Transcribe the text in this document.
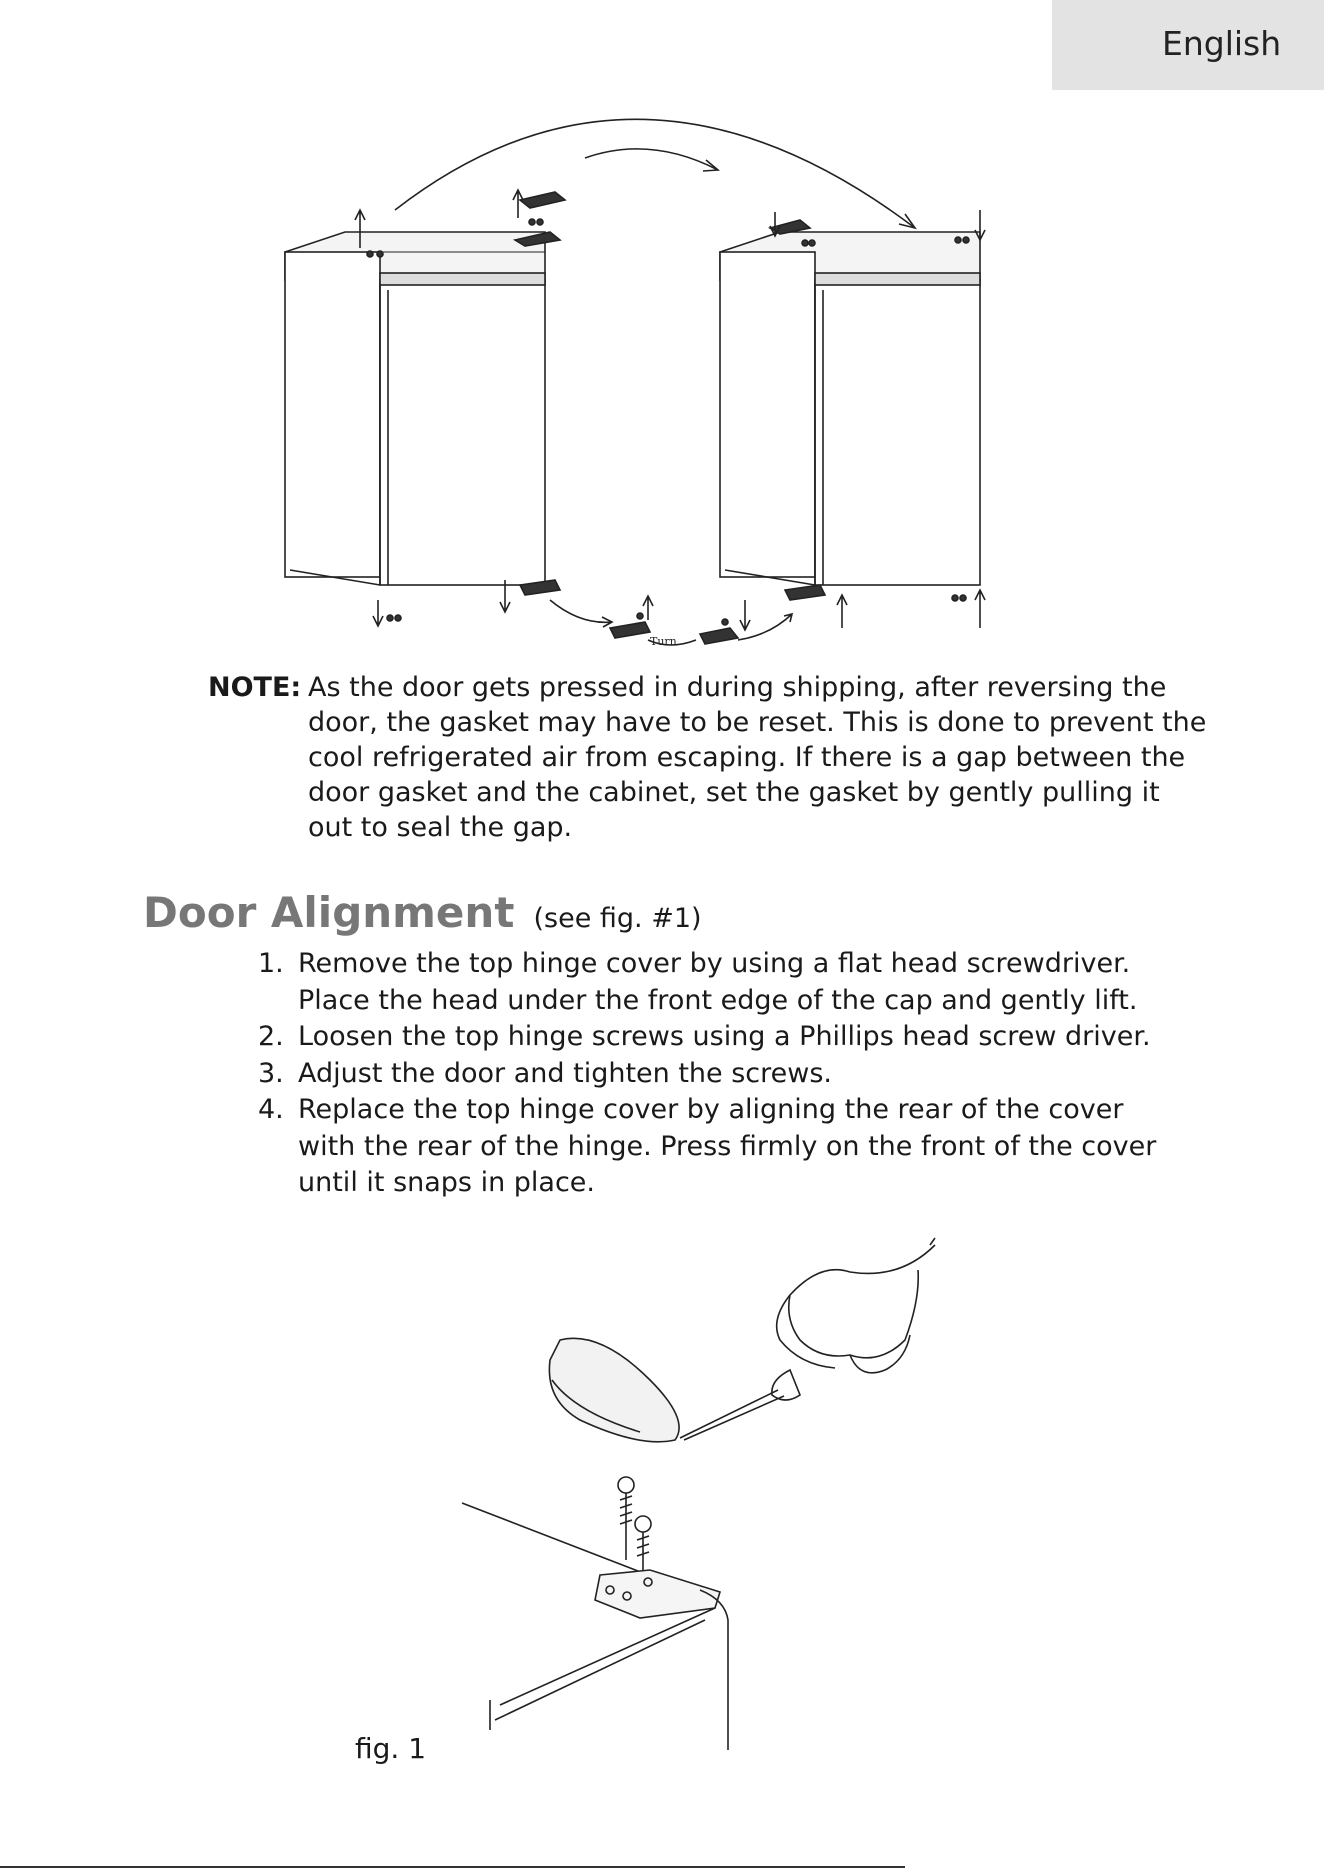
English
Turn
NOTE: As the door gets pressed in during shipping, after reversing the door, the gasket may have to be reset. This is done to prevent the cool refrigerated air from escaping. If there is a gap between the door gasket and the cabinet, set the gasket by gently pulling it out to seal the gap.
Door Alignment (see fig. #1)
1. Remove the top hinge cover by using a flat head screwdriver. Place the head under the front edge of the cap and gently lift.
2. Loosen the top hinge screws using a Phillips head screw driver.
3. Adjust the door and tighten the screws.
4. Replace the top hinge cover by aligning the rear of the cover with the rear of the hinge. Press firmly on the front of the cover until it snaps in place.
fig. 1
